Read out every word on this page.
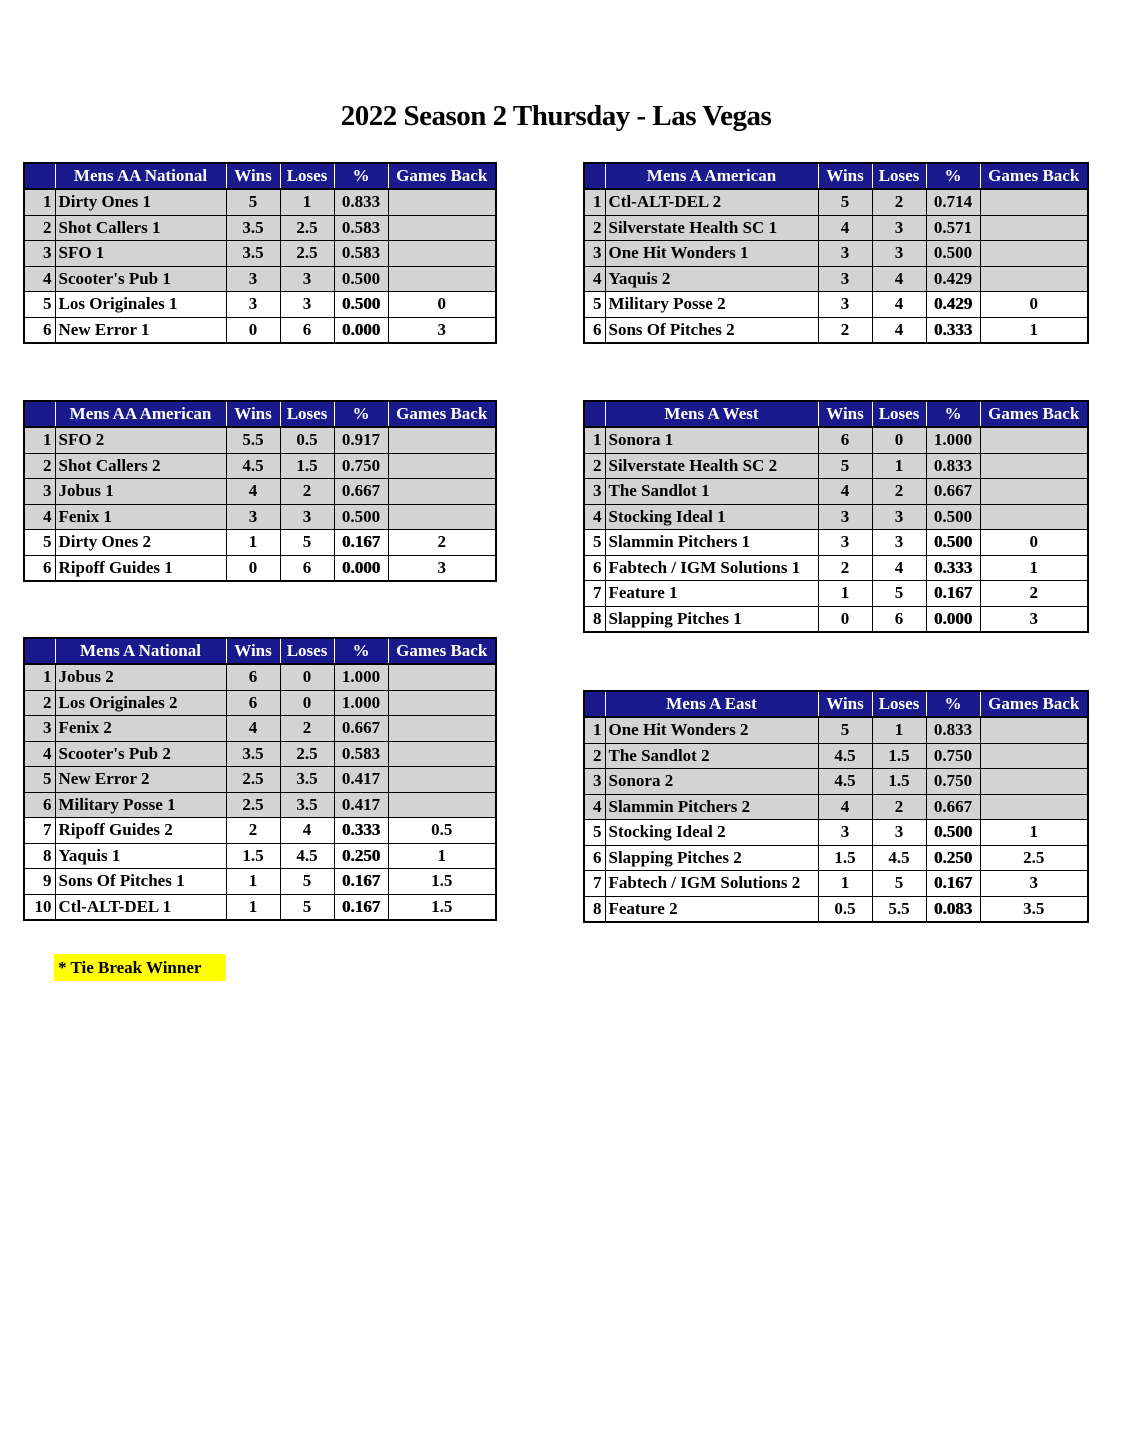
2022 Season 2 Thursday - Las Vegas
	Mens AA National	Wins	Loses	%	Games Back
1	Dirty Ones 1	5	1	0.833	
2	Shot Callers 1	3.5	2.5	0.583	
3	SFO 1	3.5	2.5	0.583	
4	Scooter's Pub 1	3	3	0.500	
5	Los Originales 1	3	3	0.500	0
6	New Error 1	0	6	0.000	3
	Mens AA American	Wins	Loses	%	Games Back
1	SFO 2	5.5	0.5	0.917	
2	Shot Callers 2	4.5	1.5	0.750	
3	Jobus 1	4	2	0.667	
4	Fenix 1	3	3	0.500	
5	Dirty Ones 2	1	5	0.167	2
6	Ripoff Guides 1	0	6	0.000	3
	Mens A National	Wins	Loses	%	Games Back
1	Jobus 2	6	0	1.000	
2	Los Originales 2	6	0	1.000	
3	Fenix 2	4	2	0.667	
4	Scooter's Pub 2	3.5	2.5	0.583	
5	New Error 2	2.5	3.5	0.417	
6	Military Posse 1	2.5	3.5	0.417	
7	Ripoff Guides 2	2	4	0.333	0.5
8	Yaquis 1	1.5	4.5	0.250	1
9	Sons Of Pitches 1	1	5	0.167	1.5
10	Ctl-ALT-DEL 1	1	5	0.167	1.5
	Mens A American	Wins	Loses	%	Games Back
1	Ctl-ALT-DEL 2	5	2	0.714	
2	Silverstate Health SC 1	4	3	0.571	
3	One Hit Wonders 1	3	3	0.500	
4	Yaquis 2	3	4	0.429	
5	Military Posse 2	3	4	0.429	0
6	Sons Of Pitches 2	2	4	0.333	1
	Mens A West	Wins	Loses	%	Games Back
1	Sonora 1	6	0	1.000	
2	Silverstate Health SC 2	5	1	0.833	
3	The Sandlot 1	4	2	0.667	
4	Stocking Ideal 1	3	3	0.500	
5	Slammin Pitchers 1	3	3	0.500	0
6	Fabtech / IGM Solutions 1	2	4	0.333	1
7	Feature 1	1	5	0.167	2
8	Slapping Pitches 1	0	6	0.000	3
	Mens A East	Wins	Loses	%	Games Back
1	One Hit Wonders 2	5	1	0.833	
2	The Sandlot 2	4.5	1.5	0.750	
3	Sonora 2	4.5	1.5	0.750	
4	Slammin Pitchers 2	4	2	0.667	
5	Stocking Ideal 2	3	3	0.500	1
6	Slapping Pitches 2	1.5	4.5	0.250	2.5
7	Fabtech / IGM Solutions 2	1	5	0.167	3
8	Feature 2	0.5	5.5	0.083	3.5
* Tie Break Winner
